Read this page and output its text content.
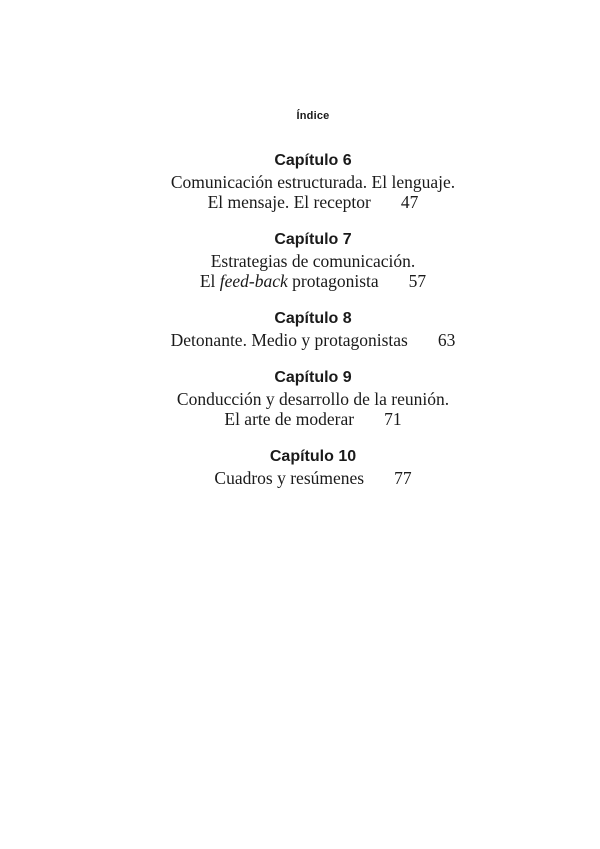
Índice
Capítulo 6
Comunicación estructurada. El lenguaje.
El mensaje. El receptor 47
Capítulo 7
Estrategias de comunicación.
El feed-back protagonista 57
Capítulo 8
Detonante. Medio y protagonistas 63
Capítulo 9
Conducción y desarrollo de la reunión.
El arte de moderar 71
Capítulo 10
Cuadros y resúmenes 77
